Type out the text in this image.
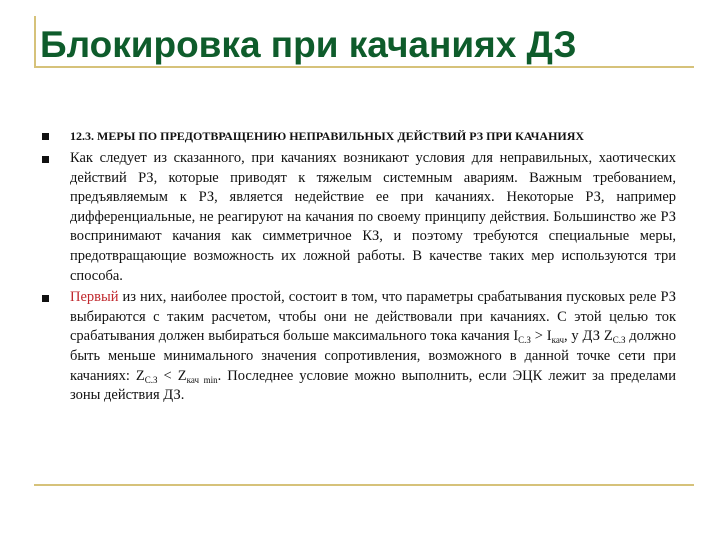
Блокировка при качаниях ДЗ
12.3. МЕРЫ ПО ПРЕДОТВРАЩЕНИЮ НЕПРАВИЛЬНЫХ ДЕЙСТВИЙ РЗ ПРИ КАЧАНИЯХ
Как следует из сказанного, при качаниях возникают условия для неправильных, хаотических действий РЗ, которые приводят к тяжелым системным авариям. Важным требованием, предъявляемым к РЗ, является недействие ее при качаниях. Некоторые РЗ, например дифференциальные, не реагируют на качания по своему принципу действия. Большинство же РЗ воспринимают качания как симметричное КЗ, и поэтому требуются специальные меры, предотвращающие возможность их ложной работы. В качестве таких мер используются три способа.
Первый из них, наиболее простой, состоит в том, что параметры срабатывания пусковых реле РЗ выбираются с таким расчетом, чтобы они не действовали при качаниях. С этой целью ток срабатывания должен выбираться больше максимального тока качания $I_{С.З} > I_{кач}$, у ДЗ $Z_{С.З}$ должно быть меньше минимального значения сопротивления, возможного в данной точке сети при качаниях: $Z_{С.З} < Z_{кач min}$. Последнее условие можно выполнить, если ЭЦК лежит за пределами зоны действия ДЗ.
